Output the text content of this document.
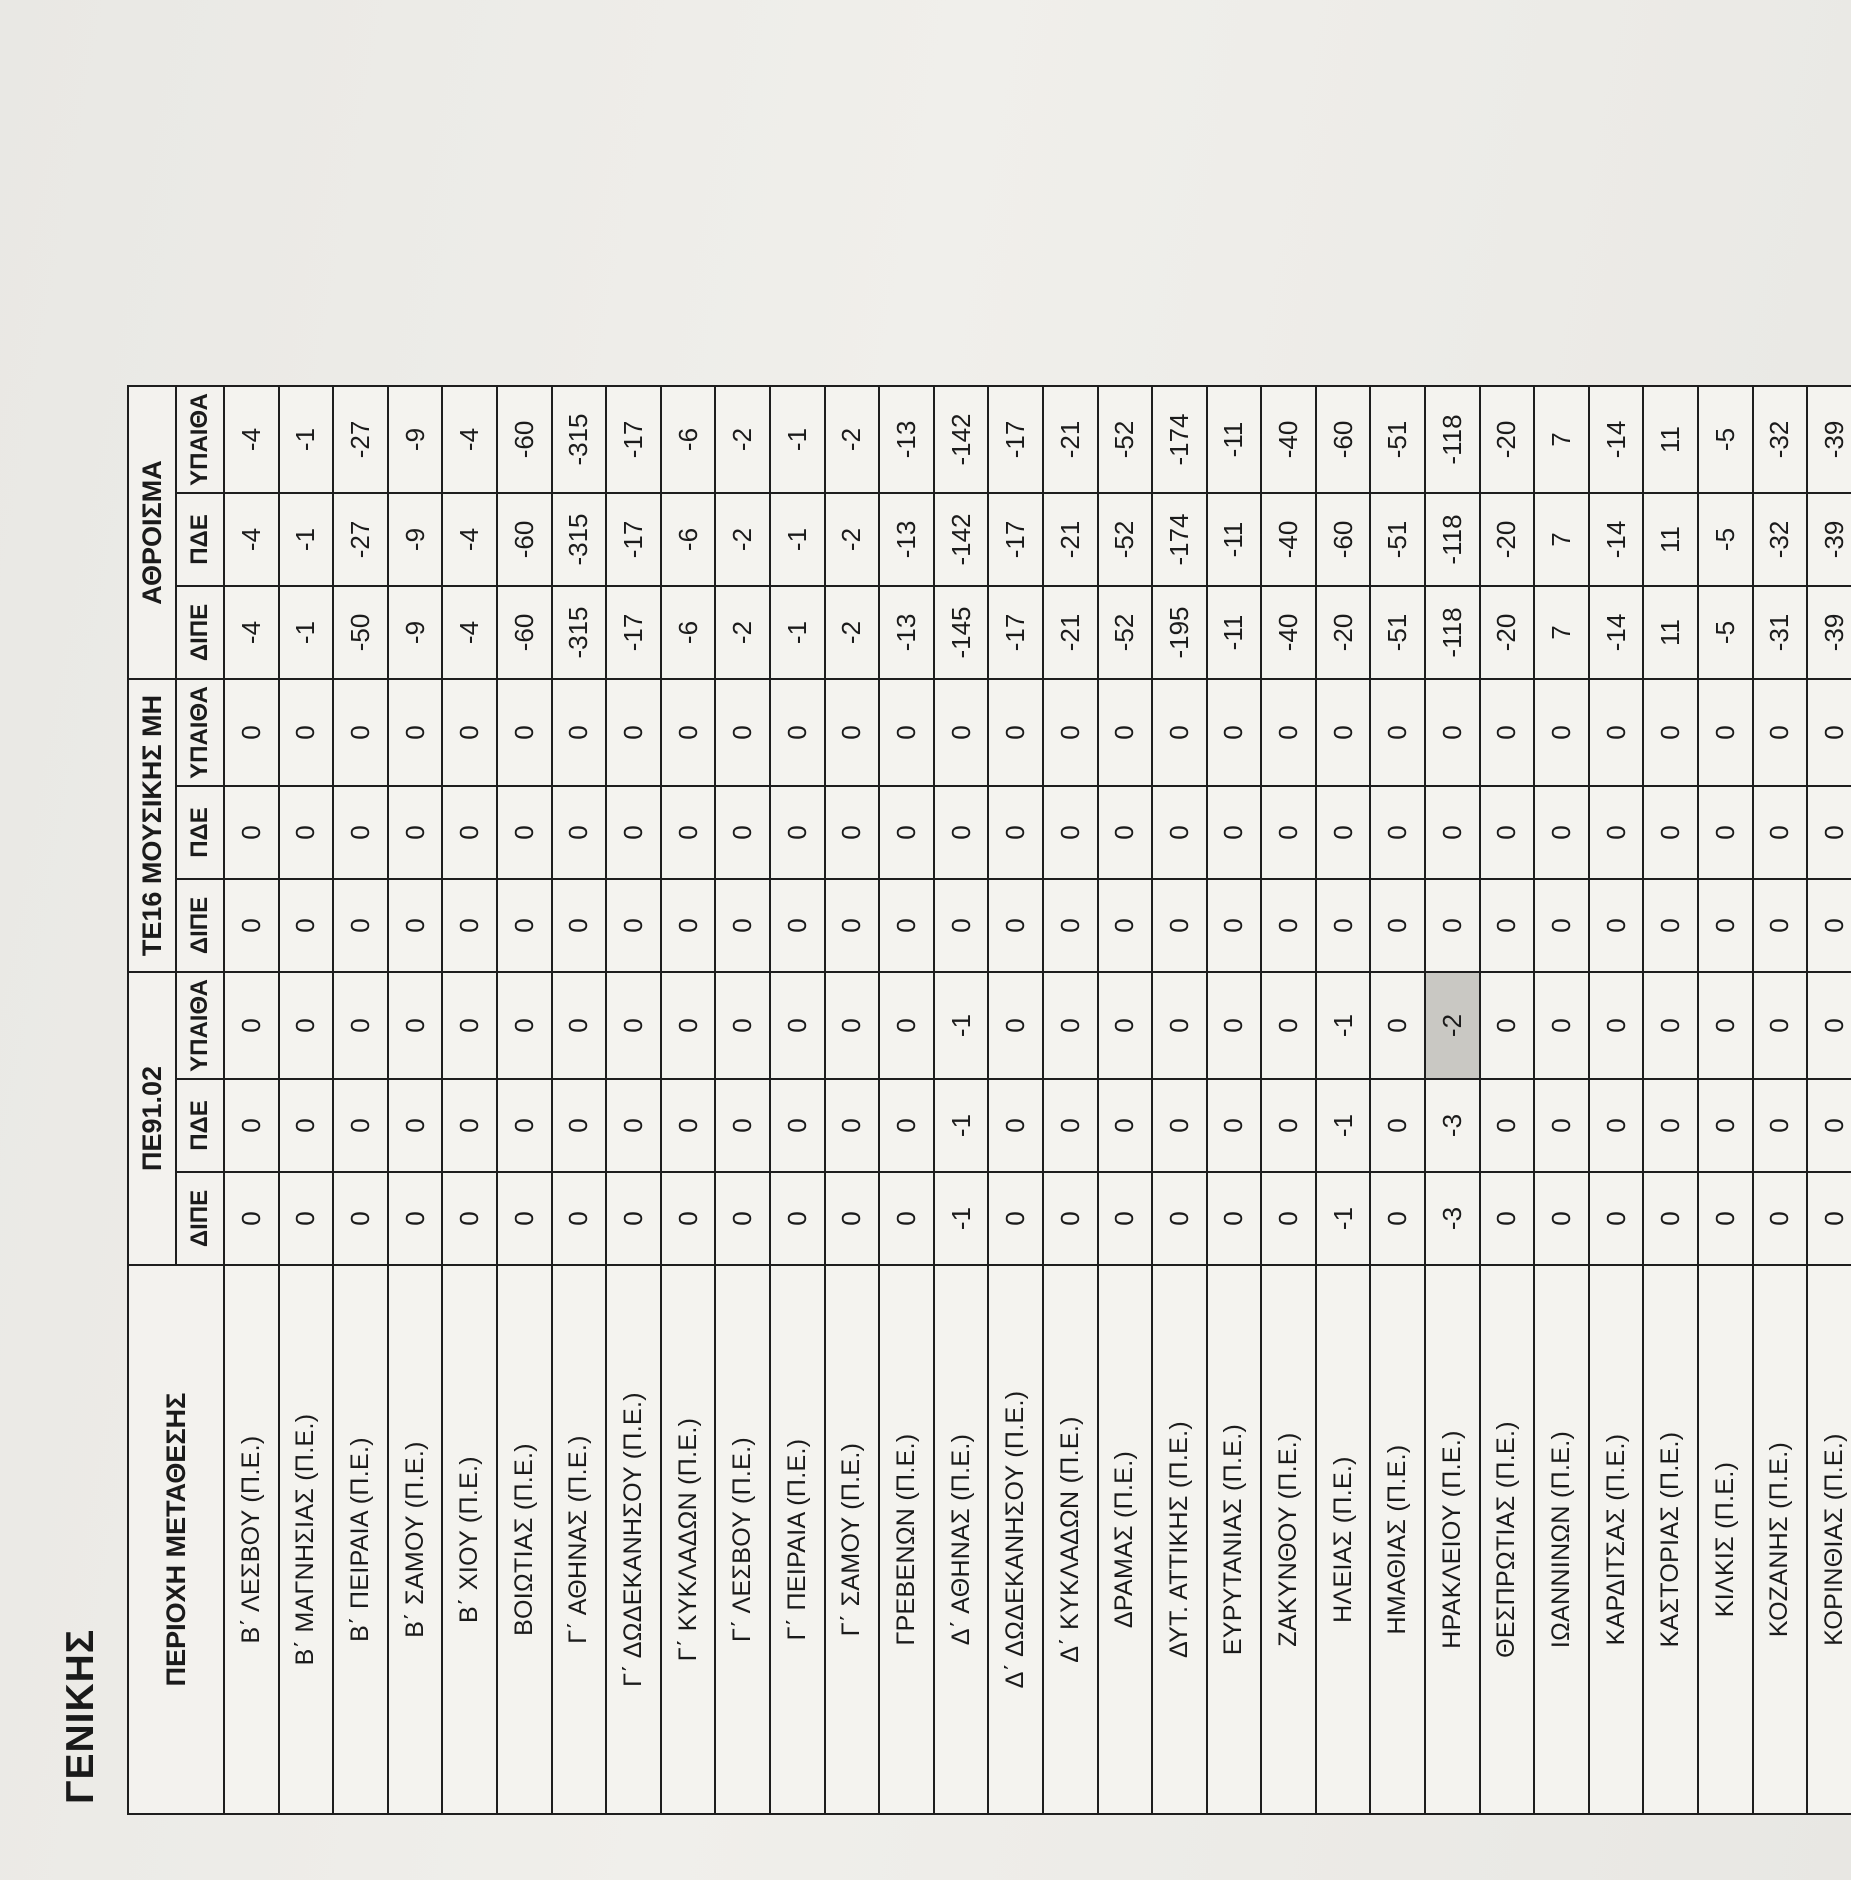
ΓΕΝΙΚΗΣ
ΠΕΡΙΟΧΗ ΜΕΤΑΘΕΣΗΣ	ΠΕ91.02			ΤΕ16 ΜΟΥΣΙΚΗΣ ΜΗ			ΑΘΡΟΙΣΜΑ		
	ΔΙΠΕ	ΠΔΕ	ΥΠΑΙΘΑ	ΔΙΠΕ	ΠΔΕ	ΥΠΑΙΘΑ	ΔΙΠΕ	ΠΔΕ	ΥΠΑΙΘΑ
Β΄ ΛΕΣΒΟΥ (Π.Ε.)	0	0	0	0	0	0	-4	-4	-4
Β΄ ΜΑΓΝΗΣΙΑΣ (Π.Ε.)	0	0	0	0	0	0	-1	-1	-1
Β΄ ΠΕΙΡΑΙΑ (Π.Ε.)	0	0	0	0	0	0	-50	-27	-27
Β΄ ΣΑΜΟΥ (Π.Ε.)	0	0	0	0	0	0	-9	-9	-9
Β΄ ΧΙΟΥ (Π.Ε.)	0	0	0	0	0	0	-4	-4	-4
ΒΟΙΩΤΙΑΣ (Π.Ε.)	0	0	0	0	0	0	-60	-60	-60
Γ΄ ΑΘΗΝΑΣ (Π.Ε.)	0	0	0	0	0	0	-315	-315	-315
Γ΄ ΔΩΔΕΚΑΝΗΣΟΥ (Π.Ε.)	0	0	0	0	0	0	-17	-17	-17
Γ΄ ΚΥΚΛΑΔΩΝ (Π.Ε.)	0	0	0	0	0	0	-6	-6	-6
Γ΄ ΛΕΣΒΟΥ (Π.Ε.)	0	0	0	0	0	0	-2	-2	-2
Γ΄ ΠΕΙΡΑΙΑ (Π.Ε.)	0	0	0	0	0	0	-1	-1	-1
Γ΄ ΣΑΜΟΥ (Π.Ε.)	0	0	0	0	0	0	-2	-2	-2
ΓΡΕΒΕΝΩΝ (Π.Ε.)	0	0	0	0	0	0	-13	-13	-13
Δ΄ ΑΘΗΝΑΣ (Π.Ε.)	-1	-1	-1	0	0	0	-145	-142	-142
Δ΄ ΔΩΔΕΚΑΝΗΣΟΥ (Π.Ε.)	0	0	0	0	0	0	-17	-17	-17
Δ΄ ΚΥΚΛΑΔΩΝ (Π.Ε.)	0	0	0	0	0	0	-21	-21	-21
ΔΡΑΜΑΣ (Π.Ε.)	0	0	0	0	0	0	-52	-52	-52
ΔΥΤ. ΑΤΤΙΚΗΣ (Π.Ε.)	0	0	0	0	0	0	-195	-174	-174
ΕΥΡΥΤΑΝΙΑΣ (Π.Ε.)	0	0	0	0	0	0	-11	-11	-11
ΖΑΚΥΝΘΟΥ (Π.Ε.)	0	0	0	0	0	0	-40	-40	-40
ΗΛΕΙΑΣ (Π.Ε.)	-1	-1	-1	0	0	0	-20	-60	-60
ΗΜΑΘΙΑΣ (Π.Ε.)	0	0	0	0	0	0	-51	-51	-51
ΗΡΑΚΛΕΙΟΥ (Π.Ε.)	-3	-3	-2	0	0	0	-118	-118	-118
ΘΕΣΠΡΩΤΙΑΣ (Π.Ε.)	0	0	0	0	0	0	-20	-20	-20
ΙΩΑΝΝΙΝΩΝ (Π.Ε.)	0	0	0	0	0	0	7	7	7
ΚΑΡΔΙΤΣΑΣ (Π.Ε.)	0	0	0	0	0	0	-14	-14	-14
ΚΑΣΤΟΡΙΑΣ (Π.Ε.)	0	0	0	0	0	0	11	11	11
ΚΙΛΚΙΣ (Π.Ε.)	0	0	0	0	0	0	-5	-5	-5
ΚΟΖΑΝΗΣ (Π.Ε.)	0	0	0	0	0	0	-31	-32	-32
ΚΟΡΙΝΘΙΑΣ (Π.Ε.)	0	0	0	0	0	0	-39	-39	-39
